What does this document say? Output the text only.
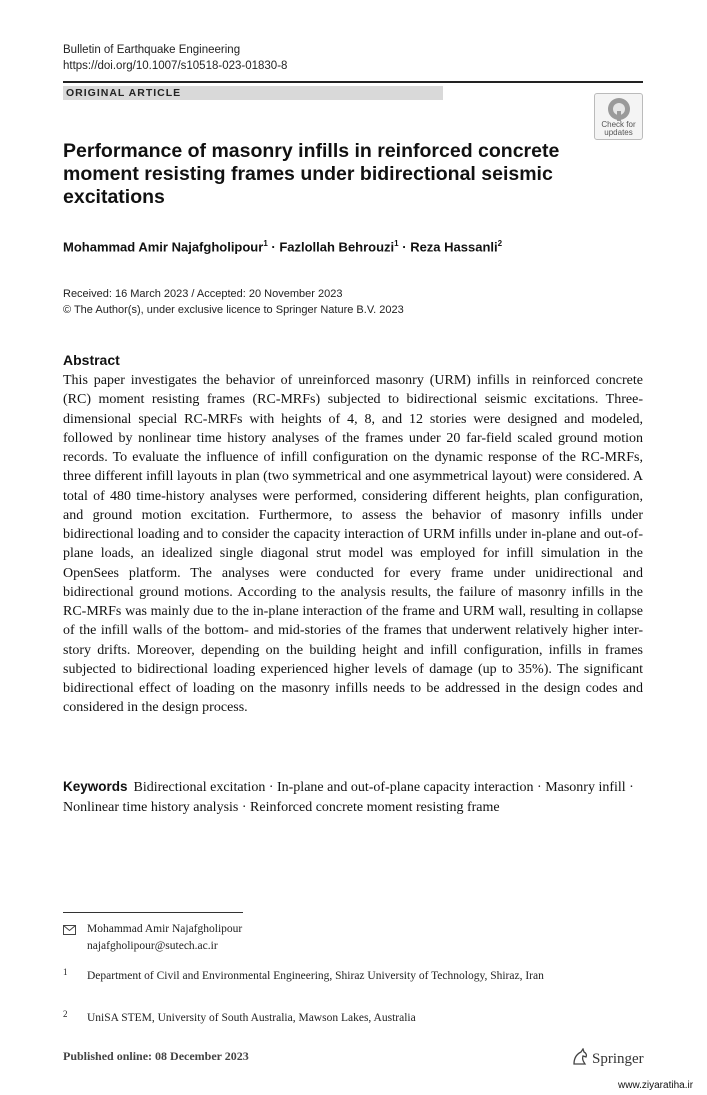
Bulletin of Earthquake Engineering
https://doi.org/10.1007/s10518-023-01830-8
ORIGINAL ARTICLE
Check for
updates
Performance of masonry infills in reinforced concrete moment resisting frames under bidirectional seismic excitations
Mohammad Amir Najafgholipour$^1$ · Fazlollah Behrouzi$^1$ · Reza Hassanli$^2$
Received: 16 March 2023 / Accepted: 20 November 2023
© The Author(s), under exclusive licence to Springer Nature B.V. 2023
Abstract
This paper investigates the behavior of unreinforced masonry (URM) infills in reinforced concrete (RC) moment resisting frames (RC-MRFs) subjected to bidirectional seismic excitations. Three-dimensional special RC-MRFs with heights of 4, 8, and 12 stories were designed and modeled, followed by nonlinear time history analyses of the frames under 20 far-field scaled ground motion records. To evaluate the influence of infill configuration on the dynamic response of the RC-MRFs, three different infill layouts in plan (two symmetrical and one asymmetrical layout) were considered. A total of 480 time-history analyses were performed, considering different heights, plan configuration, and ground motion excitation. Furthermore, to assess the behavior of masonry infills under bidirectional loading and to consider the capacity interaction of URM infills under in-plane and out-of-plane loads, an idealized single diagonal strut model was employed for infill simulation in the OpenSees platform. The analyses were conducted for every frame under unidirectional and bidirectional ground motions. According to the analysis results, the failure of masonry infills in the RC-MRFs was mainly due to the in-plane interaction of the frame and URM wall, resulting in collapse of the infill walls of the bottom- and mid-stories of the frames that underwent relatively higher inter-story drifts. Moreover, depending on the building height and infill configuration, infills in frames subjected to bidirectional loading experienced higher levels of damage (up to 35%). The significant bidirectional effect of loading on the masonry infills needs to be addressed in the design codes and considered in the design process.
Keywords Bidirectional excitation · In-plane and out-of-plane capacity interaction · Masonry infill · Nonlinear time history analysis · Reinforced concrete moment resisting frame
Mohammad Amir Najafgholipour
najafgholipour@sutech.ac.ir
1 Department of Civil and Environmental Engineering, Shiraz University of Technology, Shiraz, Iran
2 UniSA STEM, University of South Australia, Mawson Lakes, Australia
Published online: 08 December 2023	Springer
www.ziyaratiha.ir
